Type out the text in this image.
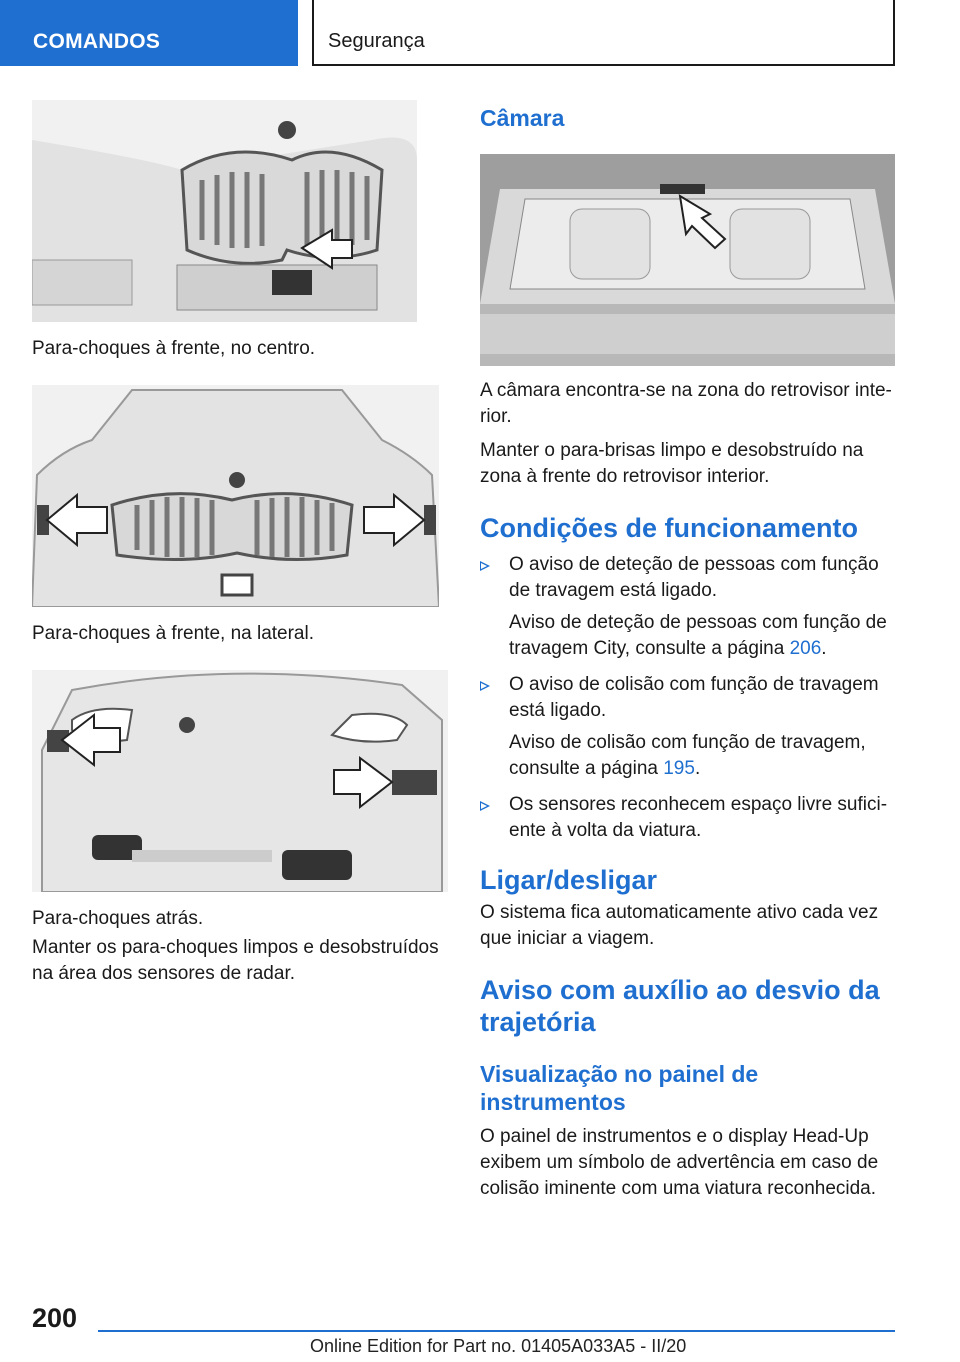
COMANDOS	Segurança
Para-choques à frente, no centro.
Para-choques à frente, na lateral.
Para-choques atrás.
Manter os para-choques limpos e desobstruídos na área dos sensores de radar.
Câmara
A câmara encontra-se na zona do retrovisor inte-rior.
Manter o para-brisas limpo e desobstruído na zona à frente do retrovisor interior.
Condições de funcionamento
O aviso de deteção de pessoas com função de travagem está ligado.
Aviso de deteção de pessoas com função de travagem City, consulte a página 206.
O aviso de colisão com função de travagem está ligado.
Aviso de colisão com função de travagem, consulte a página 195.
Os sensores reconhecem espaço livre sufici-ente à volta da viatura.
Ligar/desligar
O sistema fica automaticamente ativo cada vez que iniciar a viagem.
Aviso com auxílio ao desvio da trajetória
Visualização no painel de instrumentos
O painel de instrumentos e o display Head-Up exibem um símbolo de advertência em caso de colisão iminente com uma viatura reconhecida.
200
Online Edition for Part no. 01405A033A5 - II/20
